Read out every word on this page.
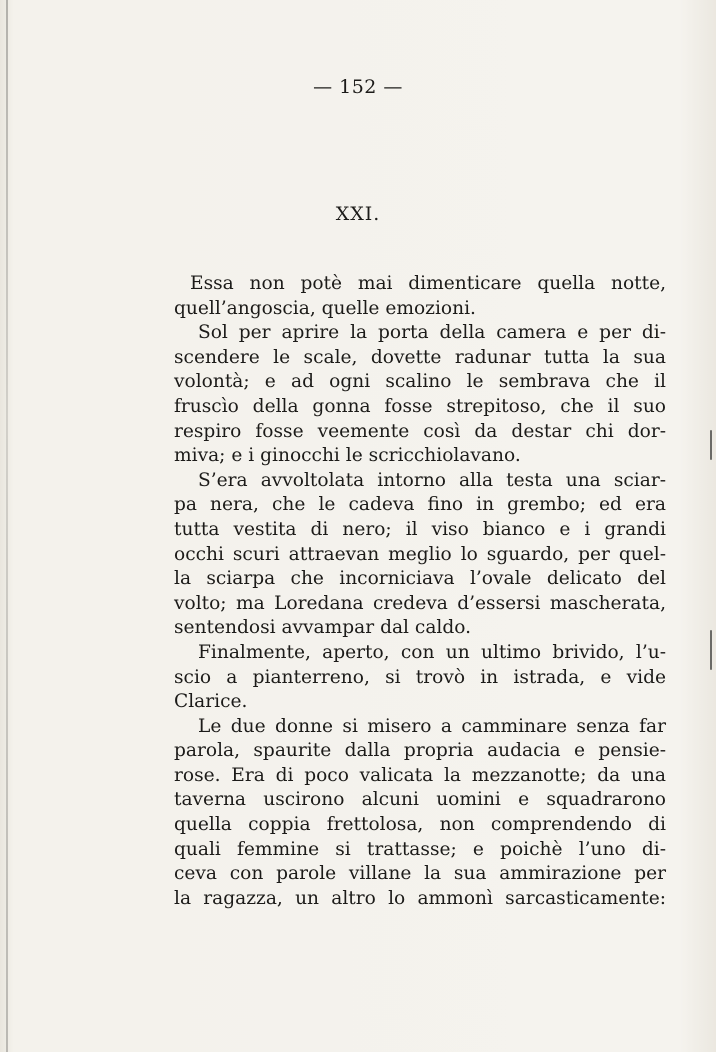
— 152 —
XXI.
Essa non potè mai dimenticare quella notte,
quell’angoscia, quelle emozioni.
Sol per aprire la porta della camera e per di-
scendere le scale, dovette radunar tutta la sua
volontà; e ad ogni scalino le sembrava che il
fruscìo della gonna fosse strepitoso, che il suo
respiro fosse veemente così da destar chi dor-
miva; e i ginocchi le scricchiolavano.
S’era avvoltolata intorno alla testa una sciar-
pa nera, che le cadeva fino in grembo; ed era
tutta vestita di nero; il viso bianco e i grandi
occhi scuri attraevan meglio lo sguardo, per quel-
la sciarpa che incorniciava l’ovale delicato del
volto; ma Loredana credeva d’essersi mascherata,
sentendosi avvampar dal caldo.
Finalmente, aperto, con un ultimo brivido, l’u-
scio a pianterreno, si trovò in istrada, e vide
Clarice.
Le due donne si misero a camminare senza far
parola, spaurite dalla propria audacia e pensie-
rose. Era di poco valicata la mezzanotte; da una
taverna uscirono alcuni uomini e squadrarono
quella coppia frettolosa, non comprendendo di
quali femmine si trattasse; e poichè l’uno di-
ceva con parole villane la sua ammirazione per
la ragazza, un altro lo ammonì sarcasticamente:
